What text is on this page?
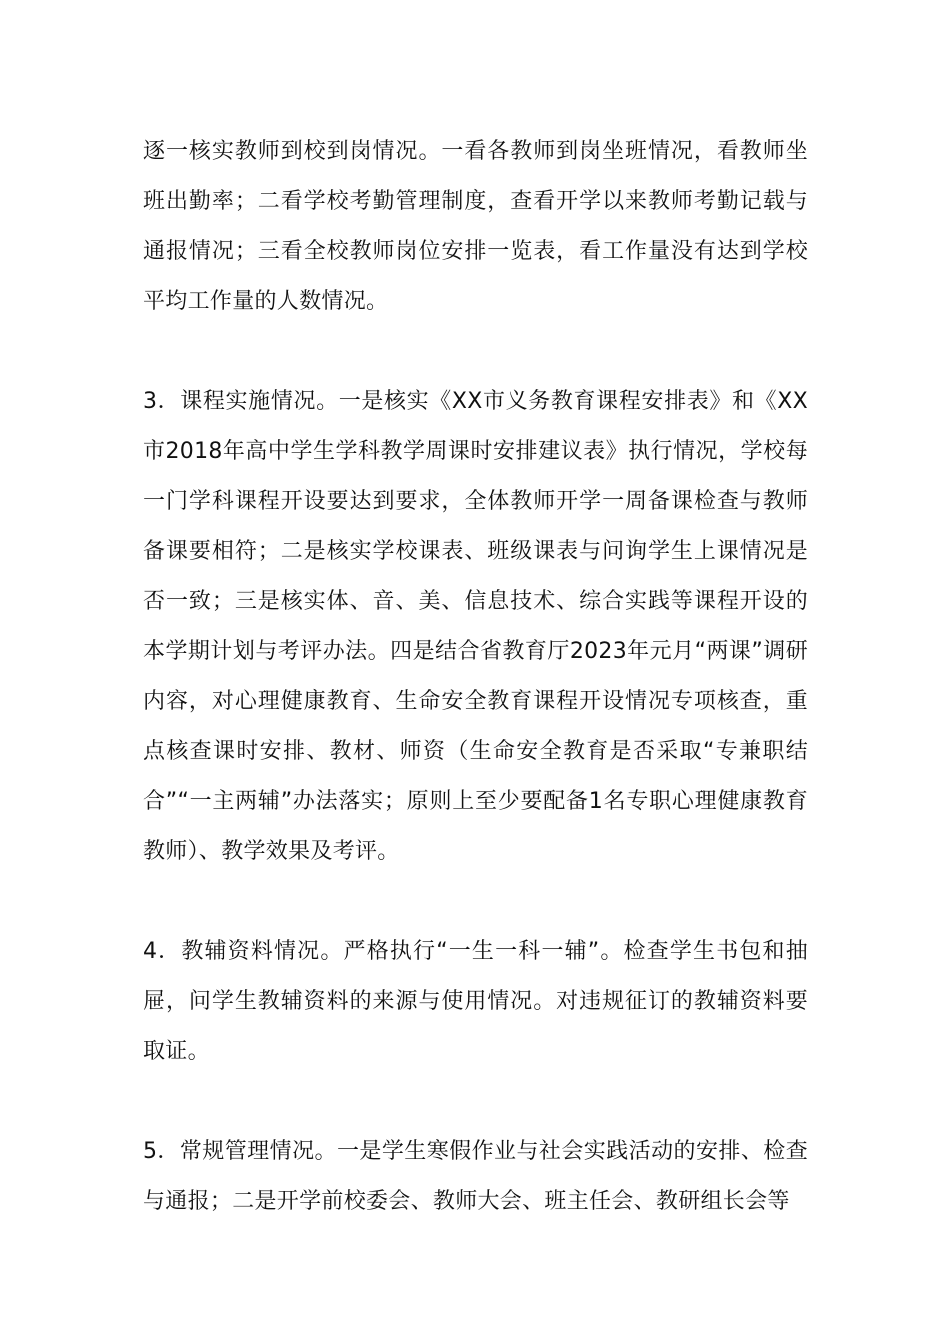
逐一核实教师到校到岗情况。一看各教师到岗坐班情况，看教师坐班出勤率；二看学校考勤管理制度，查看开学以来教师考勤记载与通报情况；三看全校教师岗位安排一览表，看工作量没有达到学校平均工作量的人数情况。

3．课程实施情况。一是核实《XX市义务教育课程安排表》和《XX市2018年高中学生学科教学周课时安排建议表》执行情况，学校每一门学科课程开设要达到要求，全体教师开学一周备课检查与教师备课要相符；二是核实学校课表、班级课表与问询学生上课情况是否一致；三是核实体、音、美、信息技术、综合实践等课程开设的本学期计划与考评办法。四是结合省教育厅2023年元月“两课”调研内容，对心理健康教育、生命安全教育课程开设情况专项核查，重点核查课时安排、教材、师资（生命安全教育是否采取“专兼职结合”“一主两辅”办法落实；原则上至少要配备1名专职心理健康教育教师）、教学效果及考评。

4．教辅资料情况。严格执行“一生一科一辅”。检查学生书包和抽屉，问学生教辅资料的来源与使用情况。对违规征订的教辅资料要取证。

5．常规管理情况。一是学生寒假作业与社会实践活动的安排、检查与通报；二是开学前校委会、教师大会、班主任会、教研组长会等
